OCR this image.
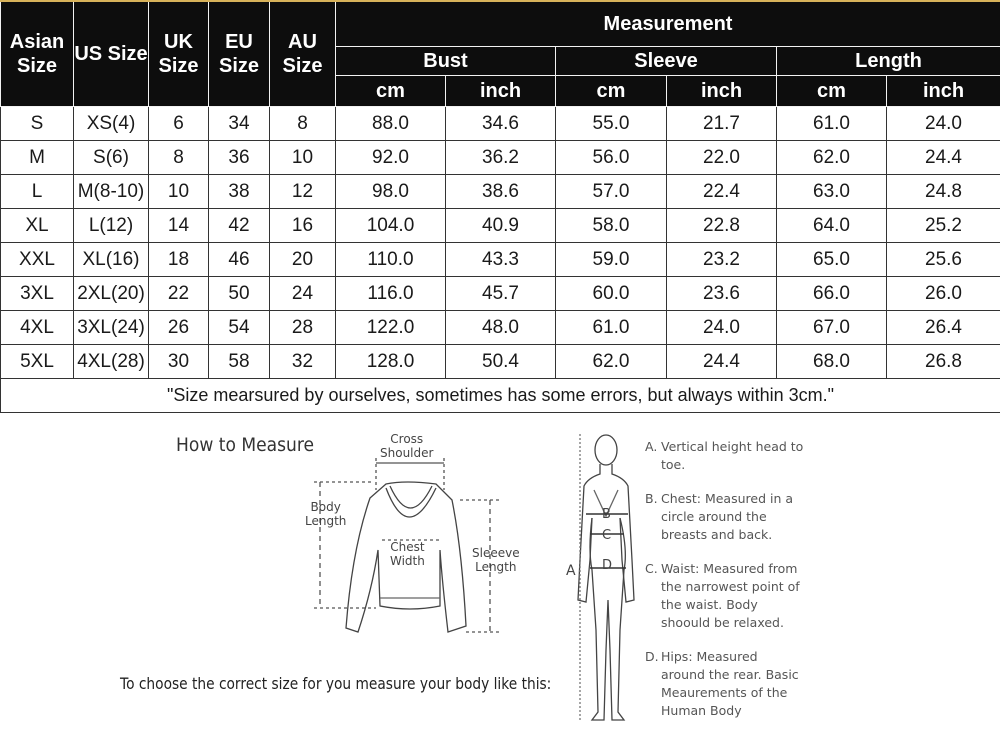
Asian Size	US Size	UK Size	EU Size	AU Size	Measurement					
					Bust		Sleeve		Length	
					cm	inch	cm	inch	cm	inch
S	XS(4)	6	34	8	88.0	34.6	55.0	21.7	61.0	24.0
M	S(6)	8	36	10	92.0	36.2	56.0	22.0	62.0	24.4
L	M(8-10)	10	38	12	98.0	38.6	57.0	22.4	63.0	24.8
XL	L(12)	14	42	16	104.0	40.9	58.0	22.8	64.0	25.2
XXL	XL(16)	18	46	20	110.0	43.3	59.0	23.2	65.0	25.6
3XL	2XL(20)	22	50	24	116.0	45.7	60.0	23.6	66.0	26.0
4XL	3XL(24)	26	54	28	122.0	48.0	61.0	24.0	67.0	26.4
5XL	4XL(28)	30	58	32	128.0	50.4	62.0	24.4	68.0	26.8
"Size mearsured by ourselves, sometimes has some errors, but always within 3cm."										
How to Measure	Cross
Shoulder
Body
Length
Chest
Width
Sleeeve
Length	A
B
C
D
To choose the correct size for you measure your body like this:
A. Vertical height head to toe.
B. Chest: Measured in a circle around the breasts and back.
C. Waist: Measured from the narrowest point of the waist. Body shoould be relaxed.
D. Hips: Measured around the rear. Basic Meaurements of the Human Body
